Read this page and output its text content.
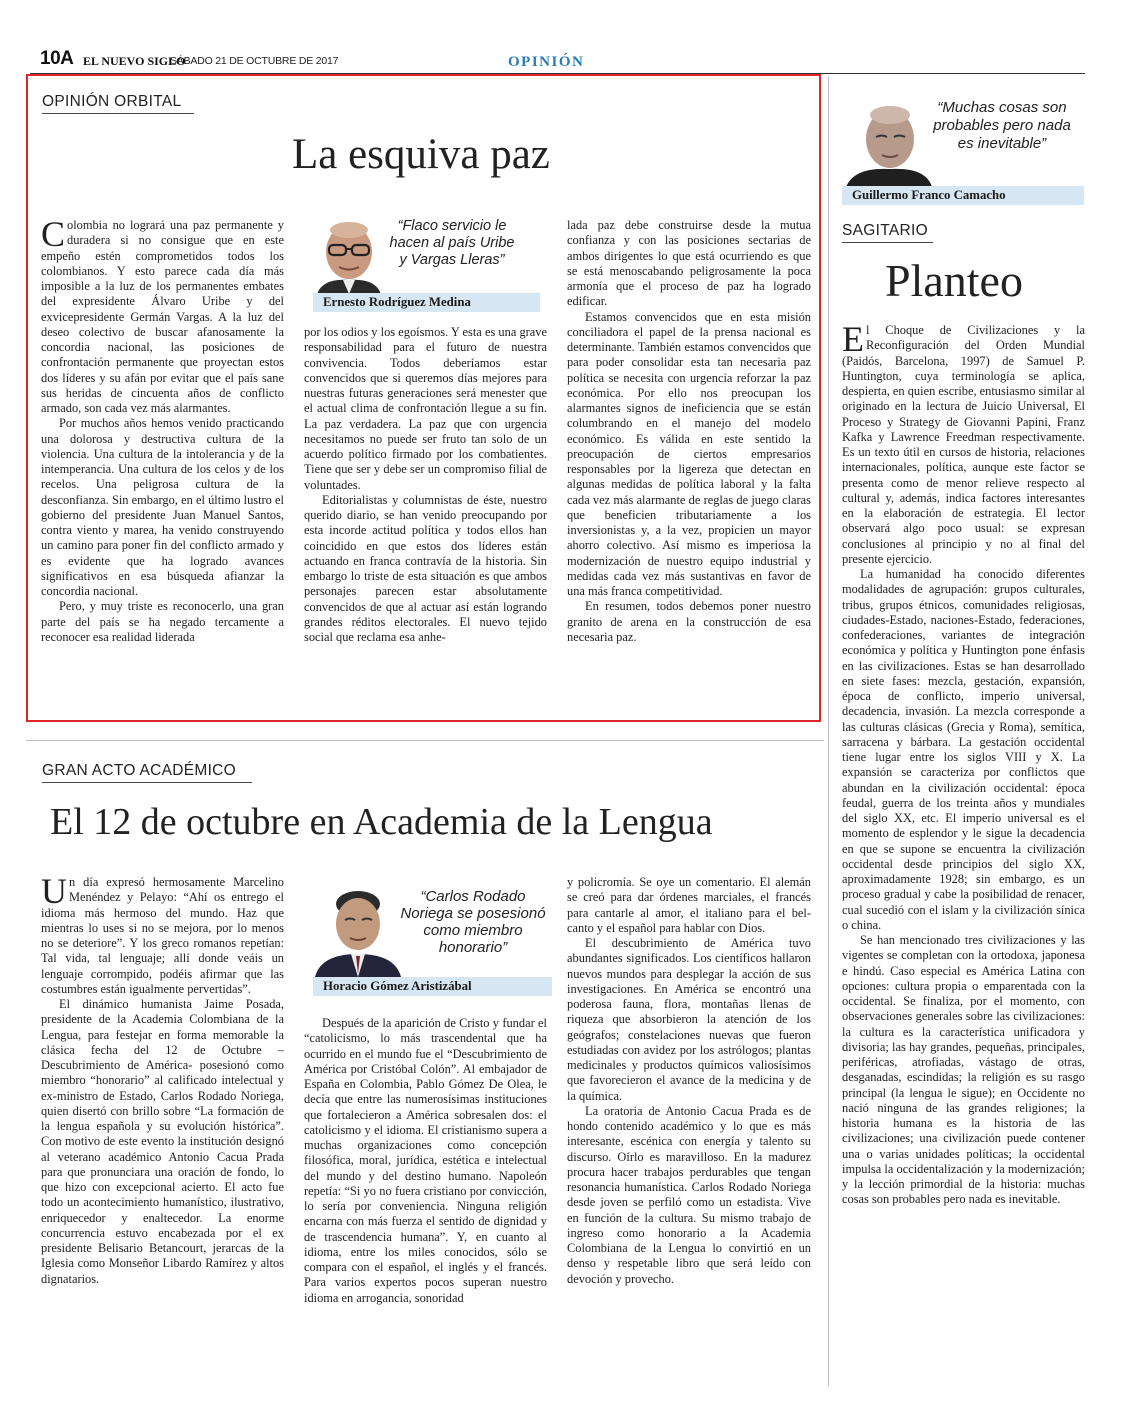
10A EL NUEVO SIGLO
SÁBADO 21 DE OCTUBRE DE 2017	OPINIÓN
OPINIÓN ORBITAL
La esquiva paz
“Flaco servicio le hacen al país Uribe y Vargas Lleras”
Ernesto Rodríguez Medina

Colombia no logrará una paz permanente y duradera si no consigue que en este empeño estén comprometidos todos los colombianos. Y esto parece cada día más imposible a la luz de los permanentes embates del expresidente Álvaro Uribe y del exvicepresidente Germán Vargas. A la luz del deseo colectivo de buscar afanosamente la concordia nacional, las posiciones de confrontación permanente que proyectan estos dos líderes y su afán por evitar que el país sane sus heridas de cincuenta años de conflicto armado, son cada vez más alarmantes.

Por muchos años hemos venido practicando una dolorosa y destructiva cultura de la violencia. Una cultura de la intolerancia y de la intemperancia. Una cultura de los celos y de los recelos. Una peligrosa cultura de la desconfianza. Sin embargo, en el último lustro el gobierno del presidente Juan Manuel Santos, contra viento y marea, ha venido construyendo un camino para poner fin del conflicto armado y es evidente que ha logrado avances significativos en esa búsqueda afianzar la concordia nacional.

Pero, y muy triste es reconocerlo, una gran parte del país se ha negado tercamente a reconocer esa realidad liderada

por los odios y los egoísmos. Y esta es una grave responsabilidad para el futuro de nuestra convivencia. Todos deberíamos estar convencidos que si queremos días mejores para nuestras futuras generaciones será menester que el actual clima de confrontación llegue a su fin. La paz verdadera. La paz que con urgencia necesitamos no puede ser fruto tan solo de un acuerdo político firmado por los combatientes. Tiene que ser y debe ser un compromiso filial de voluntades.

Editorialistas y columnistas de éste, nuestro querido diario, se han venido preocupando por esta incorde actitud política y todos ellos han coincidido en que estos dos líderes están actuando en franca contravía de la historia. Sin embargo lo triste de esta situación es que ambos personajes parecen estar absolutamente convencidos de que al actuar así están logrando grandes réditos electorales. El nuevo tejido social que reclama esa anhe-

lada paz debe construirse desde la mutua confianza y con las posiciones sectarias de ambos dirigentes lo que está ocurriendo es que se está menoscabando peligrosamente la poca armonía que el proceso de paz ha logrado edificar.

Estamos convencidos que en esta misión conciliadora el papel de la prensa nacional es determinante. También estamos convencidos que para poder consolidar esta tan necesaria paz política se necesita con urgencia reforzar la paz económica. Por ello nos preocupan los alarmantes signos de ineficiencia que se están columbrando en el manejo del modelo económico. Es válida en este sentido la preocupación de ciertos empresarios responsables por la ligereza que detectan en algunas medidas de política laboral y la falta cada vez más alarmante de reglas de juego claras que beneficien tributariamente a los inversionistas y, a la vez, propicien un mayor ahorro colectivo. Así mismo es imperiosa la modernización de nuestro equipo industrial y medidas cada vez más sustantivas en favor de una más franca competitividad.

En resumen, todos debemos poner nuestro granito de arena en la construcción de esa necesaria paz.

“Muchas cosas son probables pero nada es inevitable”
Guillermo Franco Camacho
SAGITARIO
Planteo

El Choque de Civilizaciones y la Reconfiguración del Orden Mundial (Paidós, Barcelona, 1997) de Samuel P. Huntington, cuya terminología se aplica, despierta, en quien escribe, entusiasmo similar al originado en la lectura de Juicio Universal, El Proceso y Strategy de Giovanni Papini, Franz Kafka y Lawrence Freedman respectivamente. Es un texto útil en cursos de historia, relaciones internacionales, política, aunque este factor se presenta como de menor relieve respecto al cultural y, además, indica factores interesantes en la elaboración de estrategia. El lector observará algo poco usual: se expresan conclusiones al principio y no al final del presente ejercicio.

La humanidad ha conocido diferentes modalidades de agrupación: grupos culturales, tribus, grupos étnicos, comunidades religiosas, ciudades-Estado, naciones-Estado, federaciones, confederaciones, variantes de integración económica y política y Huntington pone énfasis en las civilizaciones. Estas se han desarrollado en siete fases: mezcla, gestación, expansión, época de conflicto, imperio universal, decadencia, invasión. La mezcla corresponde a las culturas clásicas (Grecia y Roma), semítica, sarracena y bárbara. La gestación occidental tiene lugar entre los siglos VIII y X. La expansión se caracteriza por conflictos que abundan en la civilización occidental: época feudal, guerra de los treinta años y mundiales del siglo XX, etc. El imperio universal es el momento de esplendor y le sigue la decadencia en que se supone se encuentra la civilización occidental desde principios del siglo XX, aproximadamente 1928; sin embargo, es un proceso gradual y cabe la posibilidad de renacer, cual sucedió con el islam y la civilización sínica o china.

Se han mencionado tres civilizaciones y las vigentes se completan con la ortodoxa, japonesa e hindú. Caso especial es América Latina con opciones: cultura propia o emparentada con la occidental. Se finaliza, por el momento, con observaciones generales sobre las civilizaciones: la cultura es la característica unificadora y divisoria; las hay grandes, pequeñas, principales, periféricas, atrofiadas, vástago de otras, desganadas, escindidas; la religión es su rasgo principal (la lengua le sigue); en Occidente no nació ninguna de las grandes religiones; la historia humana es la historia de las civilizaciones; una civilización puede contener una o varias unidades políticas; la occidental impulsa la occidentalización y la modernización; y la lección primordial de la historia: muchas cosas son probables pero nada es inevitable.

GRAN ACTO ACADÉMICO
El 12 de octubre en Academia de la Lengua
“Carlos Rodado Noriega se posesionó como miembro honorario”
Horacio Gómez Aristizábal

Un día expresó hermosamente Marcelino Menéndez y Pelayo: “Ahí os entrego el idioma más hermoso del mundo. Haz que mientras lo uses si no se mejora, por lo menos no se deteriore”. Y los greco romanos repetían: Tal vida, tal lenguaje; allí donde veáis un lenguaje corrompido, podéis afirmar que las costumbres están igualmente pervertidas”.

El dinámico humanista Jaime Posada, presidente de la Academia Colombiana de la Lengua, para festejar en forma memorable la clásica fecha del 12 de Octubre –Descubrimiento de América- posesionó como miembro “honorario” al calificado intelectual y ex-ministro de Estado, Carlos Rodado Noriega, quien disertó con brillo sobre “La formación de la lengua española y su evolución histórica”. Con motivo de este evento la institución designó al veterano académico Antonio Cacua Prada para que pronunciara una oración de fondo, lo que hizo con excepcional acierto. El acto fue todo un acontecimiento humanístico, ilustrativo, enriquecedor y enaltecedor. La enorme concurrencia estuvo encabezada por el ex presidente Belisario Betancourt, jerarcas de la Iglesia como Monseñor Libardo Ramírez y altos dignatarios.

Después de la aparición de Cristo y fundar el “catolicismo, lo más trascendental que ha ocurrido en el mundo fue el “Descubrimiento de América por Cristóbal Colón”. Al embajador de España en Colombia, Pablo Gómez De Olea, le decía que entre las numerosísimas instituciones que fortalecieron a América sobresalen dos: el catolicismo y el idioma. El cristianismo supera a muchas organizaciones como concepción filosófica, moral, jurídica, estética e intelectual del mundo y del destino humano. Napoleón repetía: “Si yo no fuera cristiano por convicción, lo sería por conveniencia. Ninguna religión encarna con más fuerza el sentido de dignidad y de trascendencia humana”. Y, en cuanto al idioma, entre los miles conocidos, sólo se compara con el español, el inglés y el francés. Para varios expertos pocos superan nuestro idioma en arrogancia, sonoridad

y policromía. Se oye un comentario. El alemán se creó para dar órdenes marciales, el francés para cantarle al amor, el italiano para el bel-canto y el español para hablar con Dios.

El descubrimiento de América tuvo abundantes significados. Los científicos hallaron nuevos mundos para desplegar la acción de sus investigaciones. En América se encontró una poderosa fauna, flora, montañas llenas de riqueza que absorbieron la atención de los geógrafos; constelaciones nuevas que fueron estudiadas con avidez por los astrólogos; plantas medicinales y productos químicos valiosísimos que favorecieron el avance de la medicina y de la química.

La oratoria de Antonio Cacua Prada es de hondo contenido académico y lo que es más interesante, escénica con energía y talento su discurso. Oírlo es maravilloso. En la madurez procura hacer trabajos perdurables que tengan resonancia humanística. Carlos Rodado Noriega desde joven se perfiló como un estadista. Vive en función de la cultura. Su mismo trabajo de ingreso como honorario a la Academia Colombiana de la Lengua lo convirtió en un denso y respetable libro que será leído con devoción y provecho.
